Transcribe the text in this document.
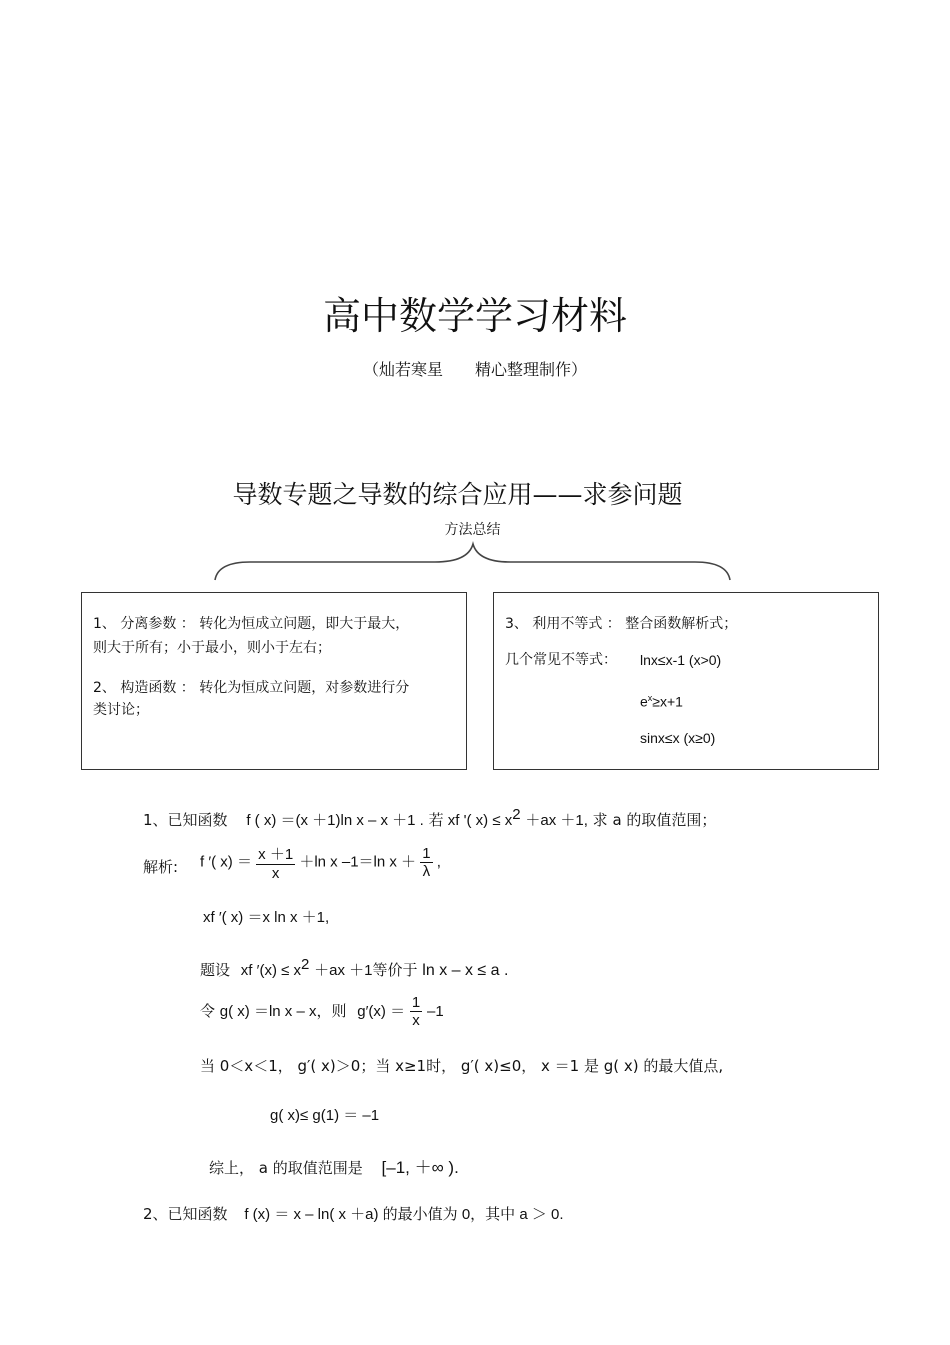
高中数学学习材料
（灿若寒星　　精心整理制作）
导数专题之导数的综合应用——求参问题
方法总结
1、 分离参数 ： 转化为恒成立问题，即大于最大，
则大于所有；小于最小，则小于左右；
2、 构造函数 ： 转化为恒成立问题，对参数进行分
类讨论；
3、 利用不等式 ： 整合函数解析式；
几个常见不等式： lnx≤x-1 (x>0)
$e^x\ge x+1$
sinx≤x (x≥0)
1、已知函数 f ( x) ＝(x ＋1)ln x – x ＋1 . 若 xf '( $x) \le x^2 +ax +1$, 求 a 的取值范围；
解析: f ′( $x) = \frac{x +1}{x} +\ln$ x –1＝ln $x + \frac{1}{\lambda}$ ,
xf ′( x) ＝x ln x ＋1,
题设 xf $'(x) \le x^2 +ax +1$等价于 ln x – x ≤ a .
令 g( x) ＝ln x – x，则 $g'(x) = \frac{1}{x} -1$
当 0＜x＜1， g′( x)＞0；当 x≥1时， g′( x)≤0， x ＝1 是 g( x) 的最大值点,
g( x)≤ g(1) ＝ –1
综上， a 的取值范围是 [–1, ＋∞ ).
2、已知函数 f (x) ＝ x – ln( x ＋a) 的最小值为 0，其中 a ＞ 0.
